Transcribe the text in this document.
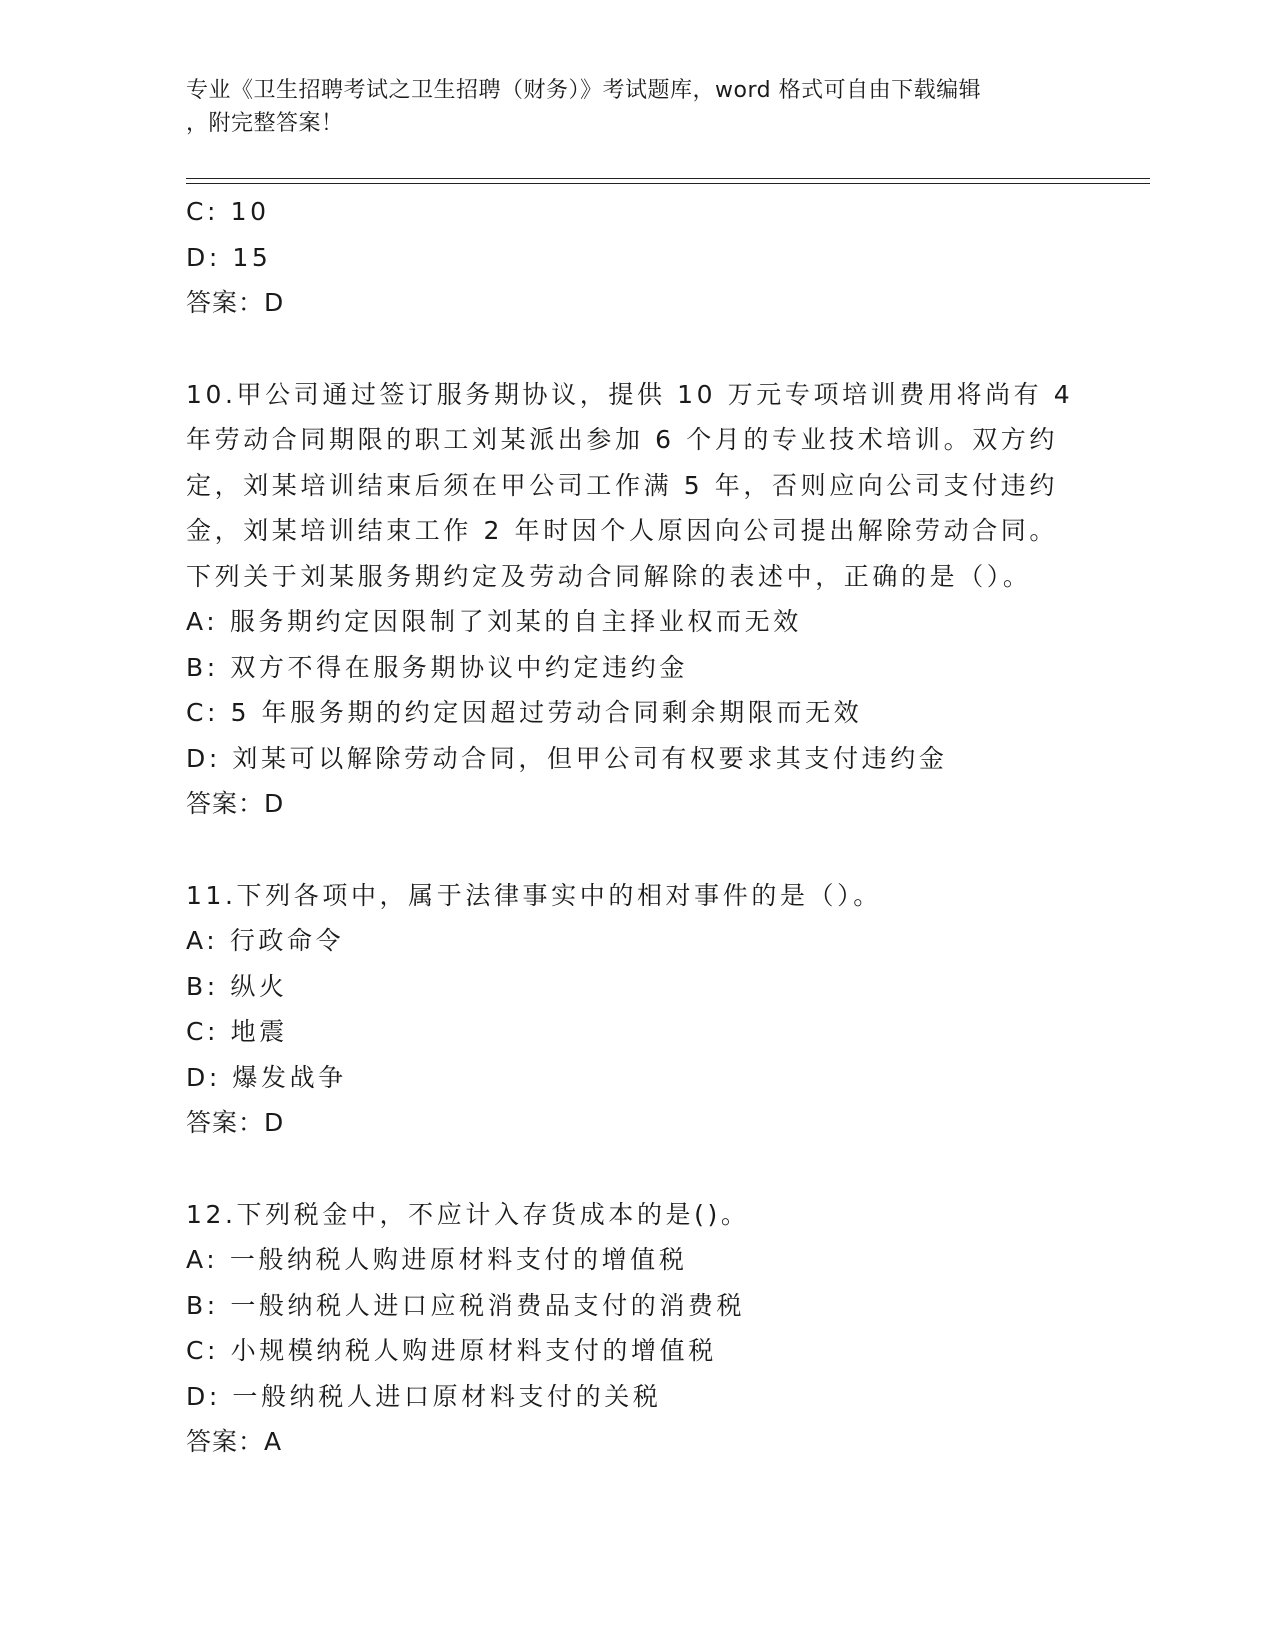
专业《卫生招聘考试之卫生招聘（财务）》考试题库，word 格式可自由下载编辑
，附完整答案！
C: 10
D: 15
答案：D
10.甲公司通过签订服务期协议，提供 10 万元专项培训费用将尚有 4
年劳动合同期限的职工刘某派出参加 6 个月的专业技术培训。双方约
定，刘某培训结束后须在甲公司工作满 5 年，否则应向公司支付违约
金，刘某培训结束工作 2 年时因个人原因向公司提出解除劳动合同。
下列关于刘某服务期约定及劳动合同解除的表述中，正确的是（）。
A: 服务期约定因限制了刘某的自主择业权而无效
B: 双方不得在服务期协议中约定违约金
C: 5 年服务期的约定因超过劳动合同剩余期限而无效
D: 刘某可以解除劳动合同，但甲公司有权要求其支付违约金
答案：D
11.下列各项中，属于法律事实中的相对事件的是（）。
A: 行政命令
B: 纵火
C: 地震
D: 爆发战争
答案：D
12.下列税金中，不应计入存货成本的是()。
A: 一般纳税人购进原材料支付的增值税
B: 一般纳税人进口应税消费品支付的消费税
C: 小规模纳税人购进原材料支付的增值税
D: 一般纳税人进口原材料支付的关税
答案：A
